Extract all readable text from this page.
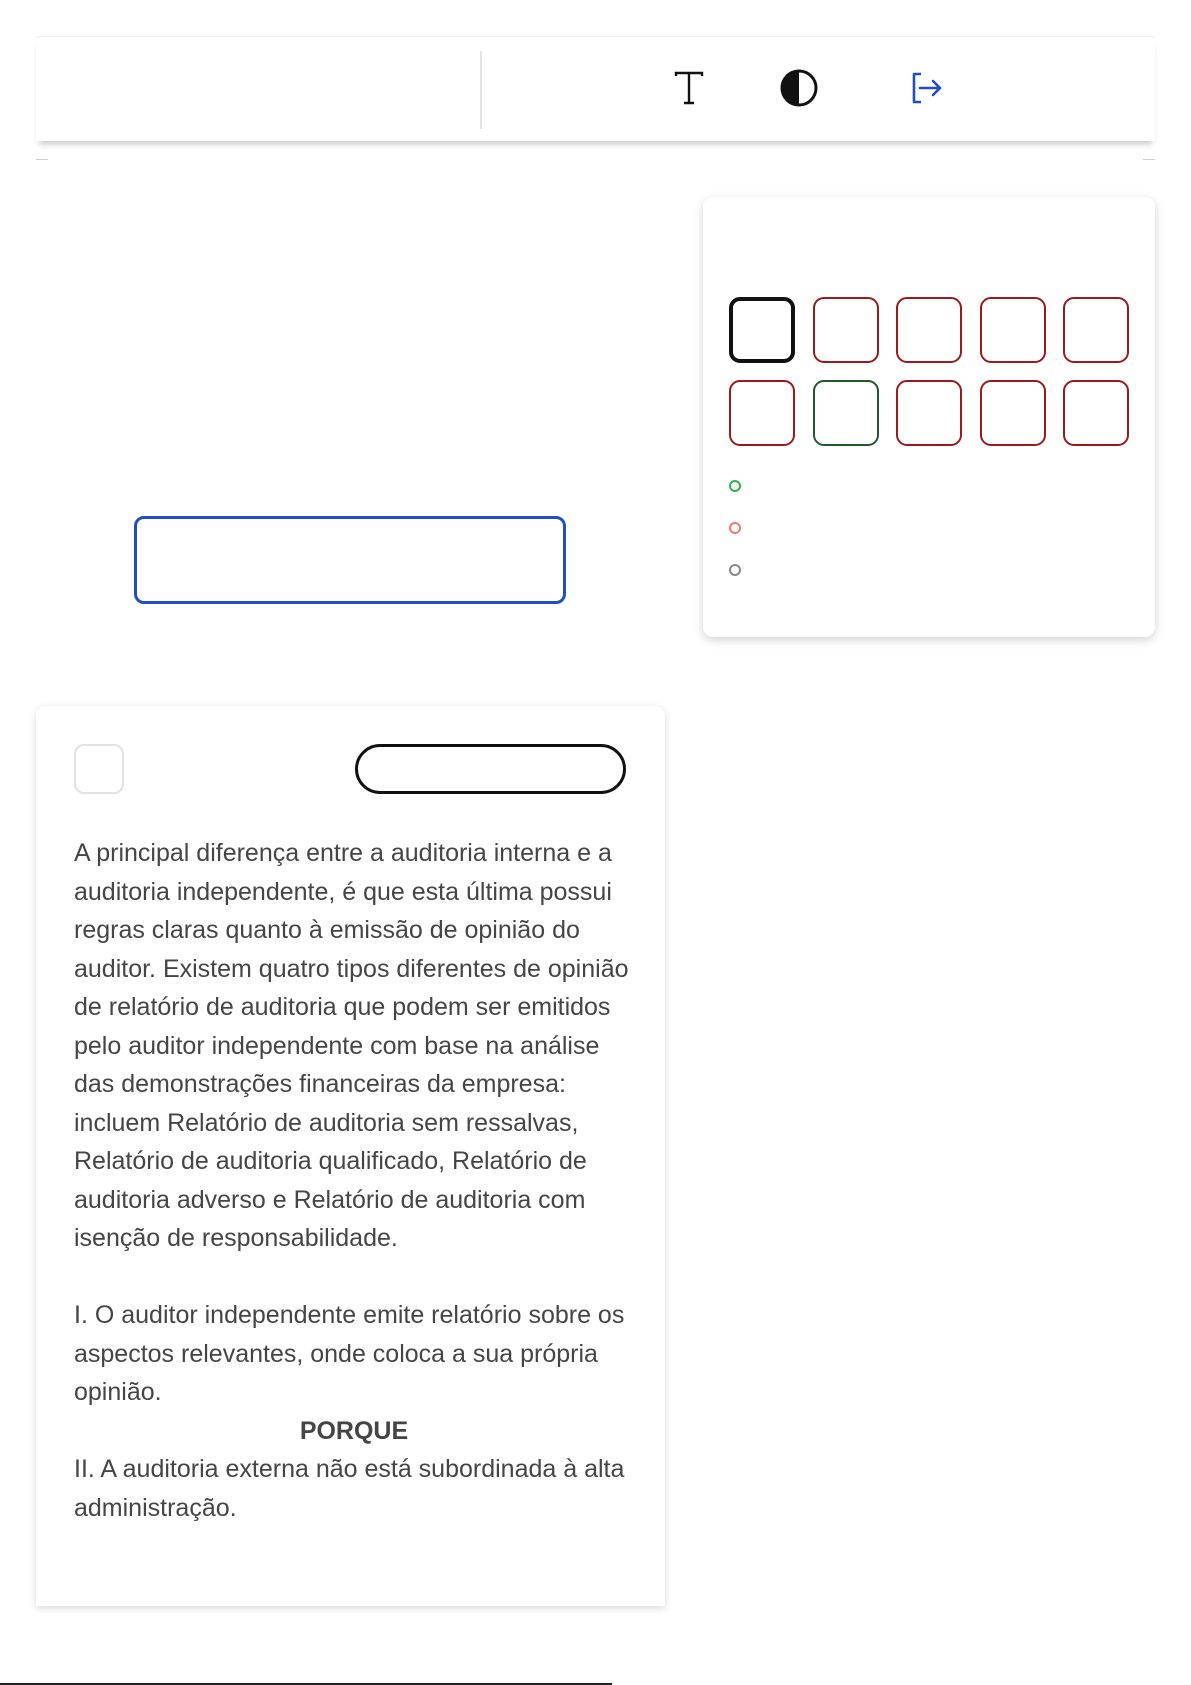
A principal diferença entre a auditoria interna e a auditoria independente, é que esta última possui regras claras quanto à emissão de opinião do auditor. Existem quatro tipos diferentes de opinião de relatório de auditoria que podem ser emitidos pelo auditor independente com base na análise das demonstrações financeiras da empresa: incluem Relatório de auditoria sem ressalvas, Relatório de auditoria qualificado, Relatório de auditoria adverso e Relatório de auditoria com isenção de responsabilidade.

I. O auditor independente emite relatório sobre os aspectos relevantes, onde coloca a sua própria opinião.

PORQUE

II. A auditoria externa não está subordinada à alta administração.
